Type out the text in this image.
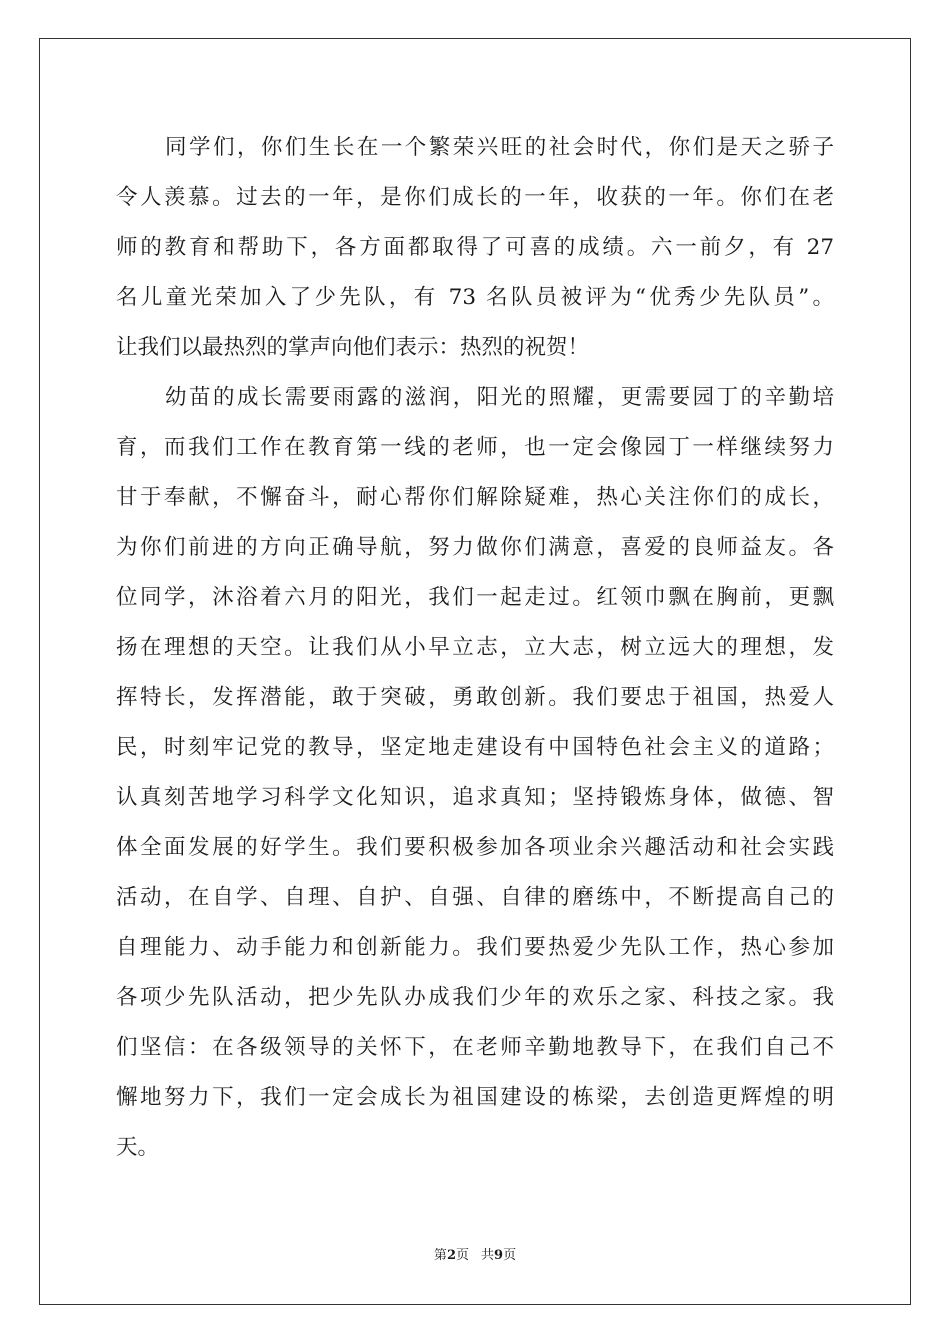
同学们，你们生长在一个繁荣兴旺的社会时代，你们是天之骄子
令人羡慕。过去的一年，是你们成长的一年，收获的一年。你们在老
师的教育和帮助下，各方面都取得了可喜的成绩。六一前夕，有 27
名儿童光荣加入了少先队，有 73 名队员被评为“优秀少先队员”。
让我们以最热烈的掌声向他们表示：热烈的祝贺！
幼苗的成长需要雨露的滋润，阳光的照耀，更需要园丁的辛勤培
育，而我们工作在教育第一线的老师，也一定会像园丁一样继续努力
甘于奉献，不懈奋斗，耐心帮你们解除疑难，热心关注你们的成长，
为你们前进的方向正确导航，努力做你们满意，喜爱的良师益友。各
位同学，沐浴着六月的阳光，我们一起走过。红领巾飘在胸前，更飘
扬在理想的天空。让我们从小早立志，立大志，树立远大的理想，发
挥特长，发挥潜能，敢于突破，勇敢创新。我们要忠于祖国，热爱人
民，时刻牢记党的教导，坚定地走建设有中国特色社会主义的道路；
认真刻苦地学习科学文化知识，追求真知；坚持锻炼身体，做德、智
体全面发展的好学生。我们要积极参加各项业余兴趣活动和社会实践
活动，在自学、自理、自护、自强、自律的磨练中，不断提高自己的
自理能力、动手能力和创新能力。我们要热爱少先队工作，热心参加
各项少先队活动，把少先队办成我们少年的欢乐之家、科技之家。我
们坚信：在各级领导的关怀下，在老师辛勤地教导下，在我们自己不
懈地努力下，我们一定会成长为祖国建设的栋梁，去创造更辉煌的明
天。
第2页 共9页
